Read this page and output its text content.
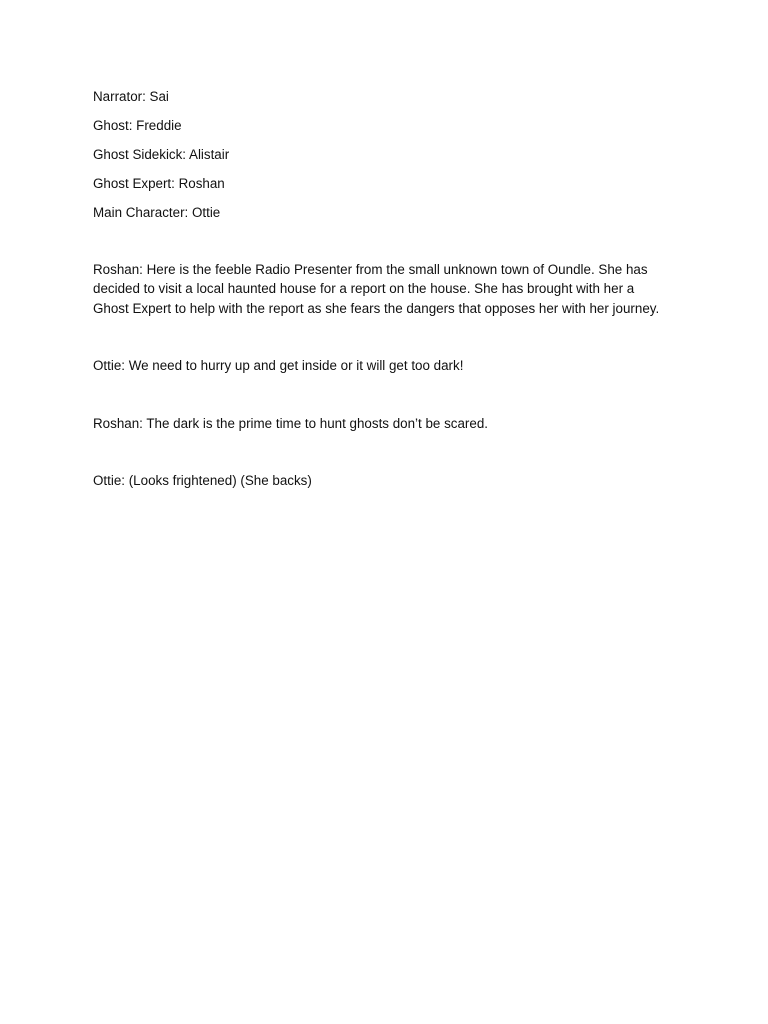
Narrator: Sai

Ghost: Freddie

Ghost Sidekick: Alistair

Ghost Expert: Roshan

Main Character: Ottie

Roshan: Here is the feeble Radio Presenter from the small unknown town of Oundle. She has decided to visit a local haunted house for a report on the house. She has brought with her a Ghost Expert to help with the report as she fears the dangers that opposes her with her journey.

Ottie: We need to hurry up and get inside or it will get too dark!

Roshan: The dark is the prime time to hunt ghosts don’t be scared.

Ottie: (Looks frightened) (She backs)
